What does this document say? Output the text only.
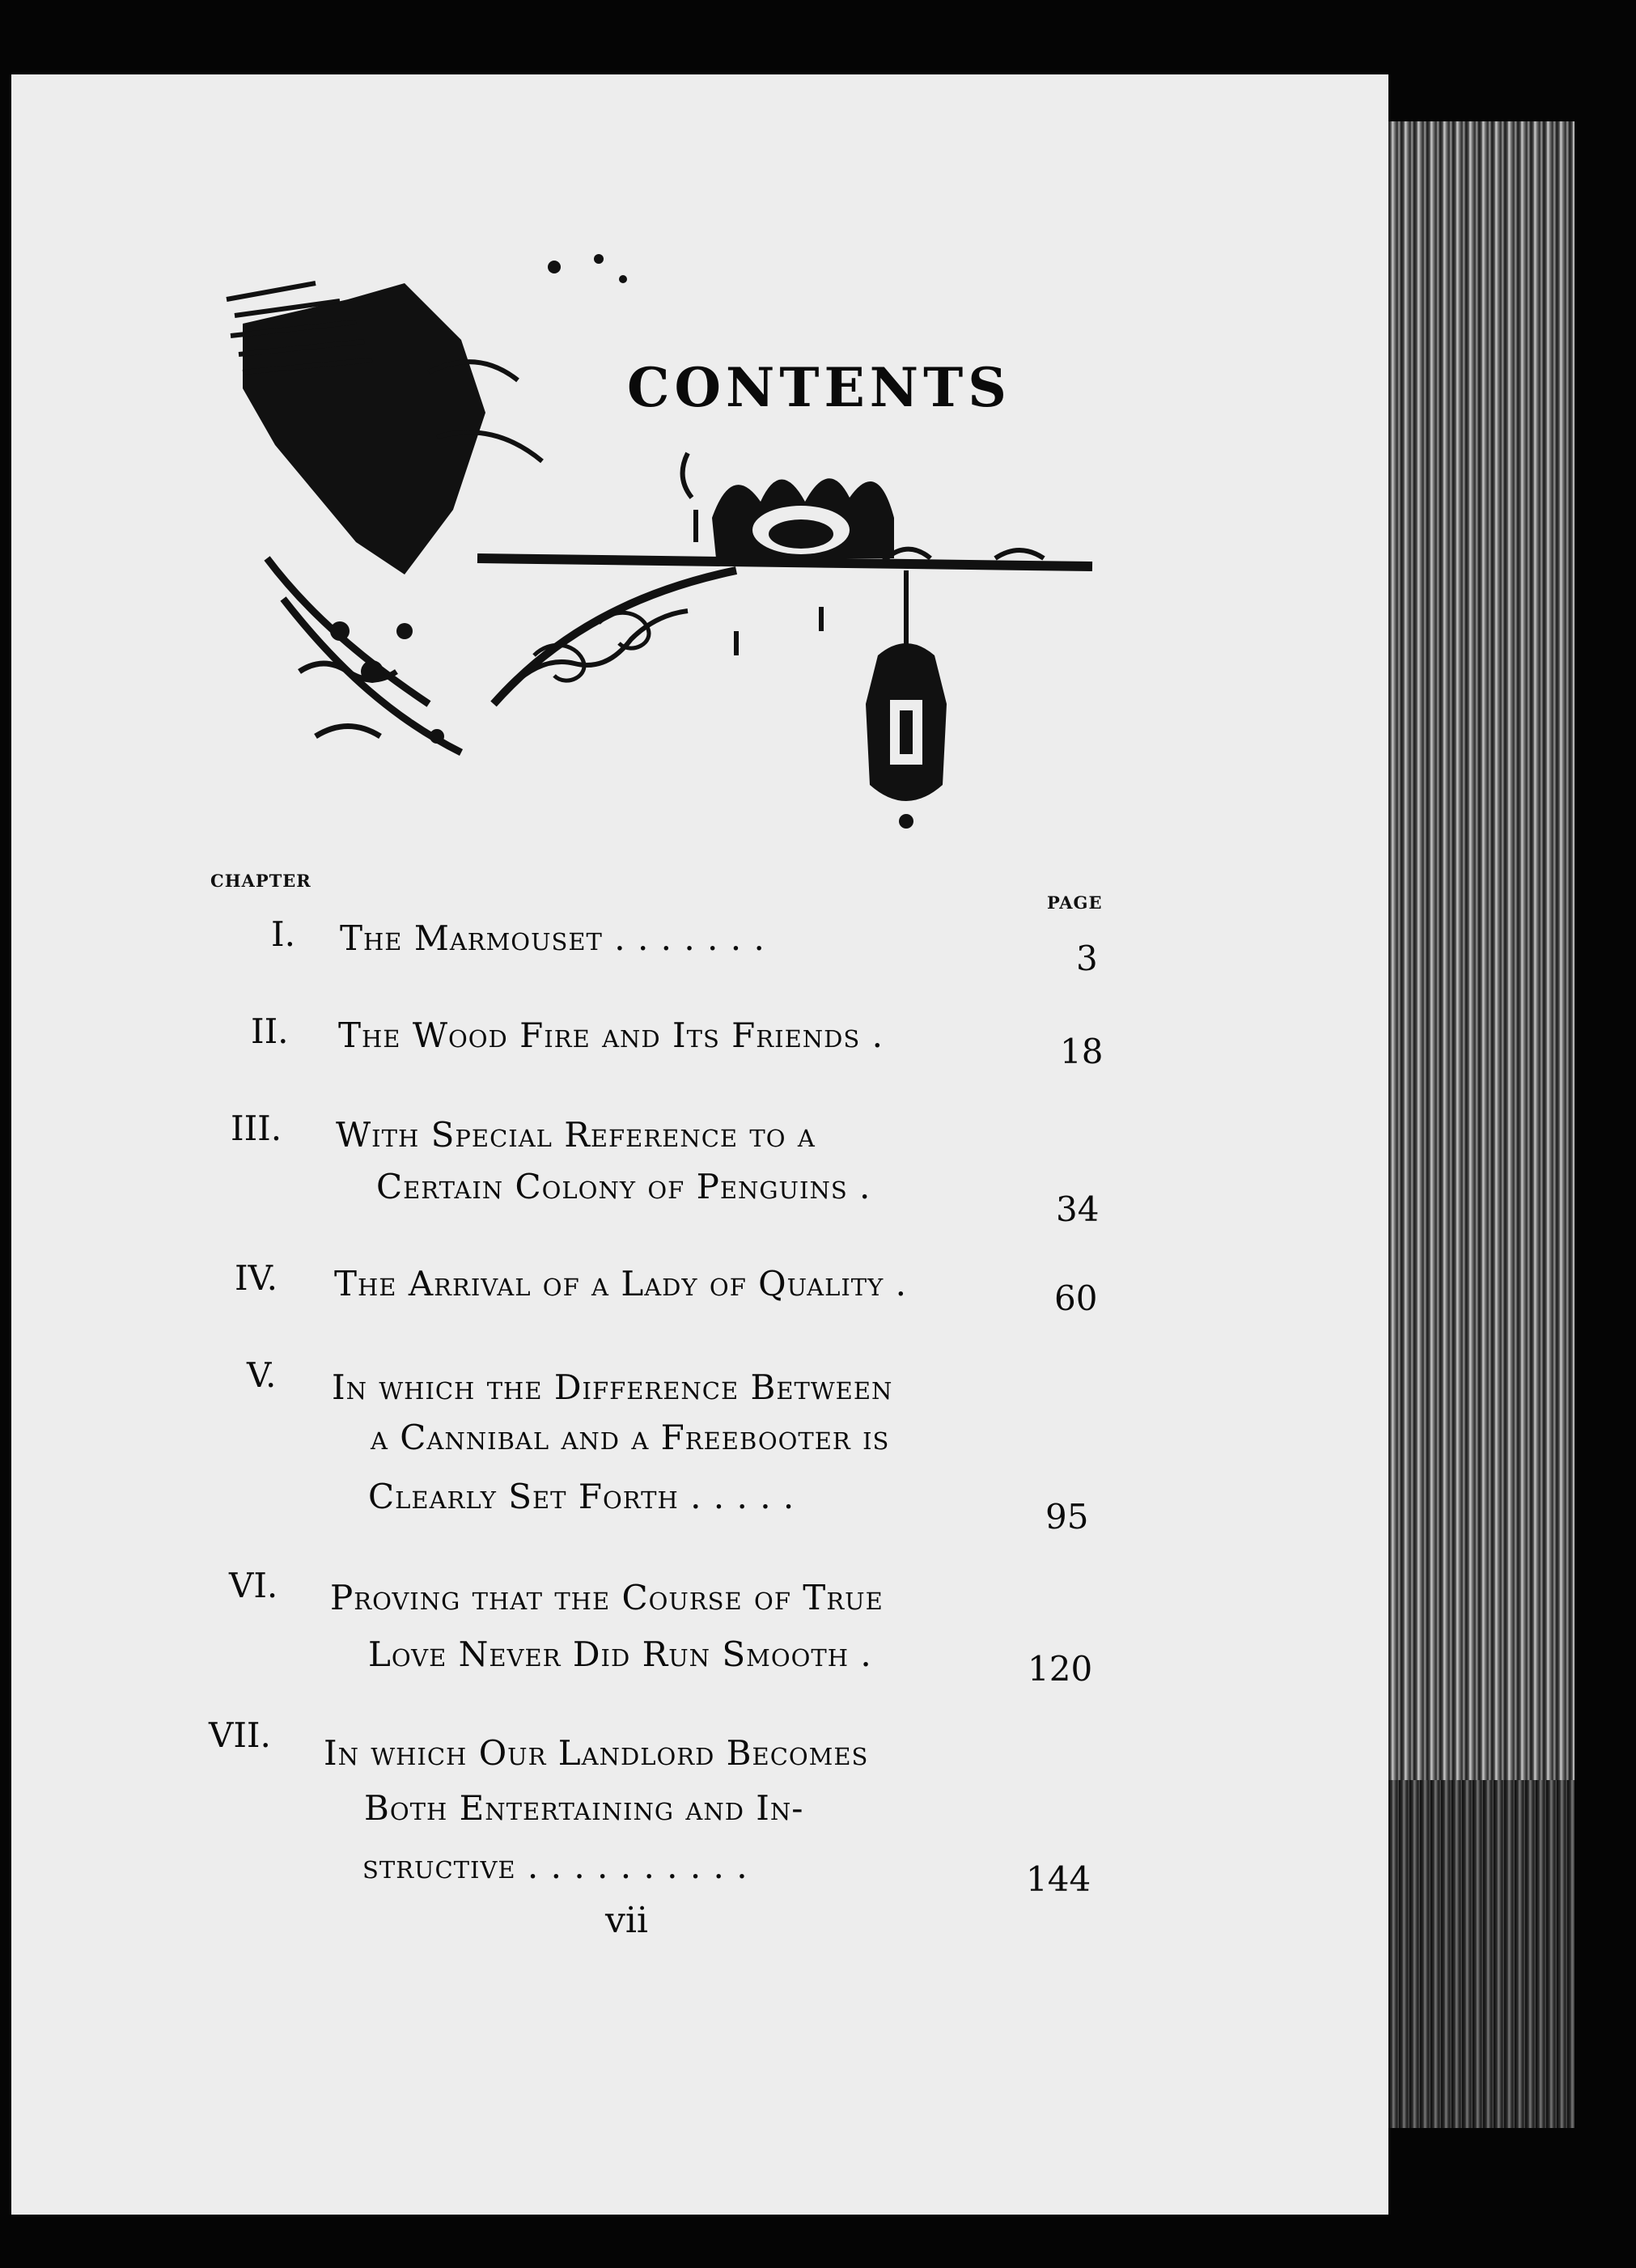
CONTENTS
CHAPTER
PAGE
I. The Marmouset . . . . . . .
3
II. The Wood Fire and Its Friends .	18
III. With Special Reference to a
Certain Colony of Penguins .
34
IV. The Arrival of a Lady of Quality .	60
V. In which the Difference Between
a Cannibal and a Freebooter is
Clearly Set Forth . . . . .
95
VI. Proving that the Course of True
Love Never Did Run Smooth .	120
VII. In which Our Landlord Becomes
Both Entertaining and In-
structive . . . . . . . . . .	144
vii
